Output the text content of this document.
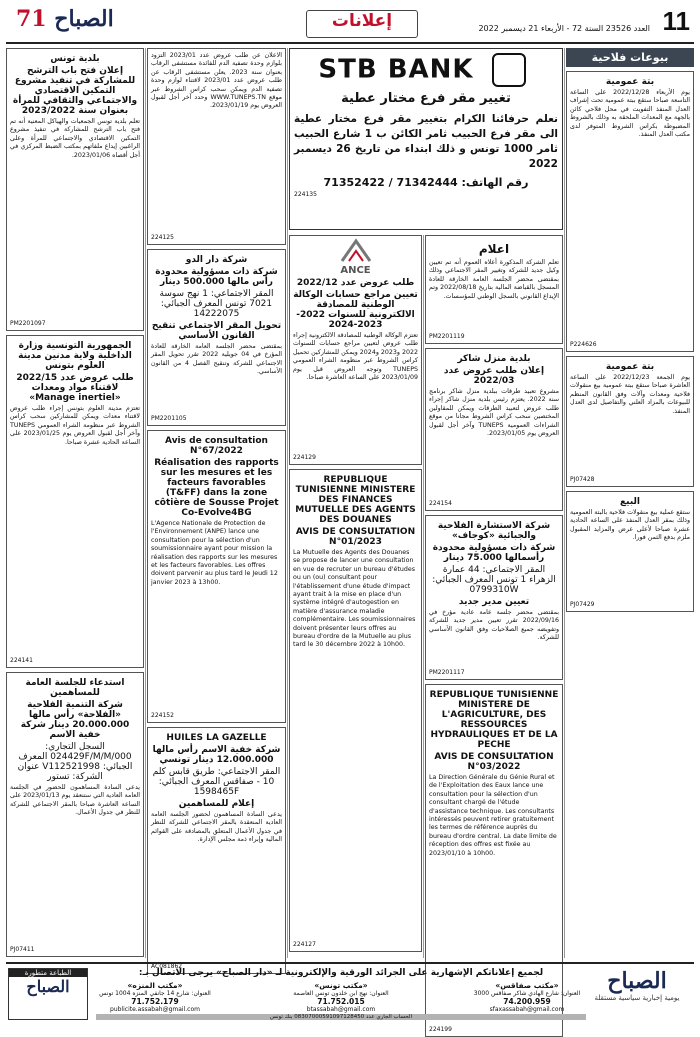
11
العدد 23526 السنة 72 - الأربعاء 21 ديسمبر 2022
إعلانات
71 الصباح
بيوعات فلاحية
بتة عمومية
يوم الأربعاء 2022/12/28 على الساعة التاسعة صباحا ستقع ببتة عمومية تحت إشراف العدل المنفذ التفويت في محل فلاحي كائن بالجهة مع المعدات الملحقة به وذلك بالشروط المضبوطة بكراس الشروط المتوفر لدى مكتب العدل المنفذ.
P224626
بتة عمومية
يوم الجمعة 2022/12/23 على الساعة العاشرة صباحا ستقع ببتة عمومية بيع منقولات فلاحية ومعدات وآلات وفق القانون المنظم للبيوعات بالمزاد العلني والتفاصيل لدى العدل المنفذ.
PJ07428
البيع
ستقع عملية بيع منقولات فلاحية بالبتة العمومية وذلك بمقر العدل المنفذ على الساعة الحادية عشرة صباحا لأعلى عرض والمزايد المقبول ملزم بدفع الثمن فورا.
PJ07429
STB BANK
تغيير مقر فرع مختار عطية
نعلم حرفائنا الكرام بتغيير مقر فرع مختار عطية الى مقر فرع الحبيب ثامر الكائن ب 1 شارع الحبيب ثامر 1000 تونس و ذلك ابتداء من تاريخ 26 ديسمبر 2022
رقم الهاتف: 71342444 / 71352422
224135
اعلام
تعلم الشركة المذكورة أعلاه العموم أنه تم تعيين وكيل جديد للشركة وتغيير المقر الاجتماعي وذلك بمقتضى محضر الجلسة العامة الخارقة للعادة المسجل بالقباضة المالية بتاريخ 2022/08/18 وتم الإيداع القانوني بالسجل الوطني للمؤسسات.
PM2201119
بلدية منزل شاكر
إعلان طلب عروض عدد 2022/03
مشروع تعبيد طرقات ببلدية منزل شاكر برنامج سنة 2022. يعتزم رئيس بلدية منزل شاكر إجراء طلب عروض لتعبيد الطرقات ويمكن للمقاولين المختصين سحب كراس الشروط مجانا من موقع الشراءات العمومية TUNEPS وآخر أجل لقبول العروض يوم 2023/01/05.
224154
شركة الاستشارة الفلاحية والجبائية «كوجاف»
شركة ذات مسؤولية محدودة رأسمالها 75.000 دينار
المقر الاجتماعي: 44 عمارة الزهراء 1 تونس المعرف الجبائي: 0799310W
تعيين مدير جديد
بمقتضى محضر جلسة عامة عادية مؤرخ في 2022/09/16 تقرر تعيين مدير جديد للشركة وتفويضه جميع الصلاحيات وفق القانون الأساسي للشركة.
PM2201117
REPUBLIQUE TUNISIENNE MINISTERE DE L'AGRICULTURE, DES RESSOURCES HYDRAULIQUES ET DE LA PECHE
AVIS DE CONSULTATION N°03/2022
La Direction Générale du Génie Rural et de l'Exploitation des Eaux lance une consultation pour la sélection d'un consultant chargé de l'étude d'assistance technique. Les consultants intéressés peuvent retirer gratuitement les termes de référence auprès du bureau d'ordre central. La date limite de réception des offres est fixée au 2023/01/10 à 10h00.
224199
ANCE
طلب عروض عدد 2022/12
تعيين مراجع حسابات الوكالة الوطنية للمصادقة الالكترونية للسنوات 2022-2023-2024
تعتزم الوكالة الوطنية للمصادقة الالكترونية إجراء طلب عروض لتعيين مراجع حسابات للسنوات 2022 و2023 و2024 ويمكن للمشاركين تحميل كراس الشروط عبر منظومة الشراء العمومي TUNEPS وتوجه العروض قبل يوم 2023/01/09 على الساعة العاشرة صباحا.
224129
REPUBLIQUE TUNISIENNE MINISTERE DES FINANCES MUTUELLE DES AGENTS DES DOUANES
AVIS DE CONSULTATION N°01/2023
La Mutuelle des Agents des Douanes se propose de lancer une consultation en vue de recruter un bureau d'études ou un (ou) consultant pour l'établissement d'une étude d'impact ayant trait à la mise en place d'un système intégré d'autogestion en matière d'assurance maladie complémentaire. Les soumissionnaires doivent présenter leurs offres au bureau d'ordre de la Mutuelle au plus tard le 30 décembre 2022 à 10h00.
224127
الاعلان عن طلب عروض عدد 2023/01 التزود بلوازم وحدة تصفية الدم للفائدة مستشفى الرقاب بعنوان سنة 2023. يعلن مستشفى الرقاب عن طلب عروض عدد 2023/01 لاقتناء لوازم وحدة تصفية الدم ويمكن سحب كراس الشروط عبر موقع WWW.TUNEPS.TN وحدد آخر أجل لقبول العروض يوم 2023/01/19.
224125
شركة دار الدو
شركة ذات مسؤولية محدودة رأس مالها 500.000 دينار
المقر الاجتماعي: 1 نهج سوسة 7021 تونس المعرف الجبائي: 14222075
تحويل المقر الاجتماعي تنقيح القانون الأساسي
بمقتضى محضر الجلسة العامة الخارقة للعادة المؤرخ في 04 جويلية 2022 تقرر تحويل المقر الاجتماعي للشركة وتنقيح الفصل 4 من القانون الأساسي.
PM2201105
Avis de consultation N°67/2022
Réalisation des rapports sur les mesures et les facteurs favorables (T&FF) dans la zone côtière de Sousse Projet Co-Evolve4BG
L'Agence Nationale de Protection de l'Environnement (ANPE) lance une consultation pour la sélection d'un soumissionnaire ayant pour mission la réalisation des rapports sur les mesures et les facteurs favorables. Les offres doivent parvenir au plus tard le Jeudi 12 janvier 2023 à 13h00.
224152
HUILES LA GAZELLE
شركة خفية الاسم رأس مالها 12.000.000 دينار تونسي
المقر الاجتماعي: طريق قابس كلم 10 - صفاقس المعرف الجبائي: 1598465F
إعلام للمساهمين
يدعى السادة المساهمون لحضور الجلسة العامة العادية المنعقدة بالمقر الاجتماعي للشركة للنظر في جدول الأعمال المتعلق بالمصادقة على القوائم المالية وإبراء ذمة مجلس الإدارة.
AC081862
بلدية تونس
إعلان فتح باب الترشح للمشاركة في تنفيذ مشروع التمكين الاقتصادي والاجتماعي والثقافي للمرأة بعنوان سنة 2023/2022
تعلم بلدية تونس الجمعيات والهياكل المعنية أنه تم فتح باب الترشح للمشاركة في تنفيذ مشروع التمكين الاقتصادي والاجتماعي للمرأة وعلى الراغبين إيداع ملفاتهم بمكتب الضبط المركزي في أجل أقصاه 2023/01/06.
PM2201097
الجمهورية التونسية وزارة الداخلية ولاية مدنين مدينة العلوم بتونس
طلب عروض عدد 2022/15 لاقتناء مواد ومعدات «Manage inertiel»
تعتزم مدينة العلوم بتونس إجراء طلب عروض لاقتناء معدات ويمكن للمشاركين سحب كراس الشروط عبر منظومة الشراء العمومي TUNEPS وآخر أجل لقبول العروض يوم 2023/01/25 على الساعة الحادية عشرة صباحا.
224141
استدعاء للجلسة العامة للمساهمين
شركة التنمية الفلاحية «الفلاحة» رأس مالها 20.000.000 دينار شركة خفية الاسم
السجل التجاري: 024429F/M/M/000 المعرف الجبائي: V112521998 عنوان الشركة: تستور
يدعى السادة المساهمون للحضور في الجلسة العامة العادية التي ستنعقد يوم 2023/01/13 على الساعة العاشرة صباحا بالمقر الاجتماعي للشركة للنظر في جدول الأعمال.
PJ07411
الصباح
يومية إخبارية سياسية مستقلة
لجميع إعلاناتكم الإشهارية على الجرائد الورقية والإلكترونية لـ «دار الصباح» يرجى الاتصال بـ:
«مكتب المنزه»
العنوان: شارع 14 جانفي المنزه 1004 تونس
71.752.179
publicite.assabah@gmail.com
«مكتب تونس»
العنوان: نهج ابن خلدون تونس العاصمة
71.752.015
btassabah@gmail.com
«مكتب صفاقس»
العنوان: شارع الهادي شاكر صفاقس 3000
74.200.959
sfaxassabah@gmail.com
الحساب الجاري عدد 08307000591097128450 بنك تونس
الطباعة متطورة
الصباح
